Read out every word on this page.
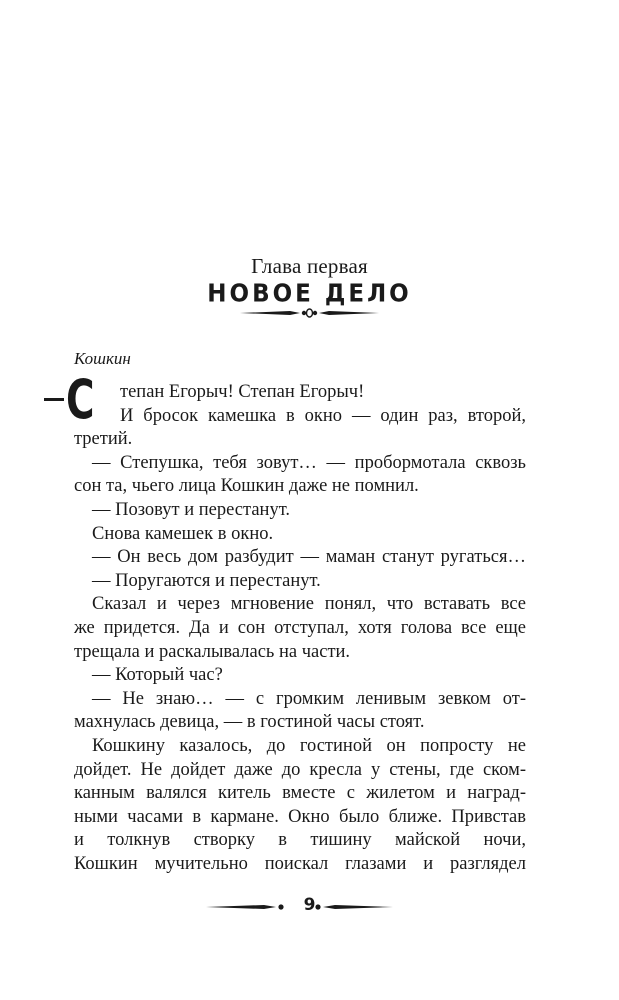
Глава первая
НОВОЕ ДЕЛО
Кошкин
С	тепан Егорыч! Степан Егорыч!
И бросок камешка в окно — один раз, второй,
третий.
— Степушка, тебя зовут… — пробормотала сквозь
сон та, чьего лица Кошкин даже не помнил.
— Позовут и перестанут.
Снова камешек в окно.
— Он весь дом разбудит — маман станут ругаться…
— Поругаются и перестанут.
Сказал и через мгновение понял, что вставать все
же придется. Да и сон отступал, хотя голова все еще
трещала и раскалывалась на части.
— Который час?
— Не знаю… — с громким ленивым зевком от-
махнулась девица, — в гостиной часы стоят.
Кошкину казалось, до гостиной он попросту не
дойдет. Не дойдет даже до кресла у стены, где ском-
канным валялся китель вместе с жилетом и наград-
ными часами в кармане. Окно было ближе. Привстав
и толкнув створку в тишину майской ночи,
Кошкин мучительно поискал глазами и разглядел
9
